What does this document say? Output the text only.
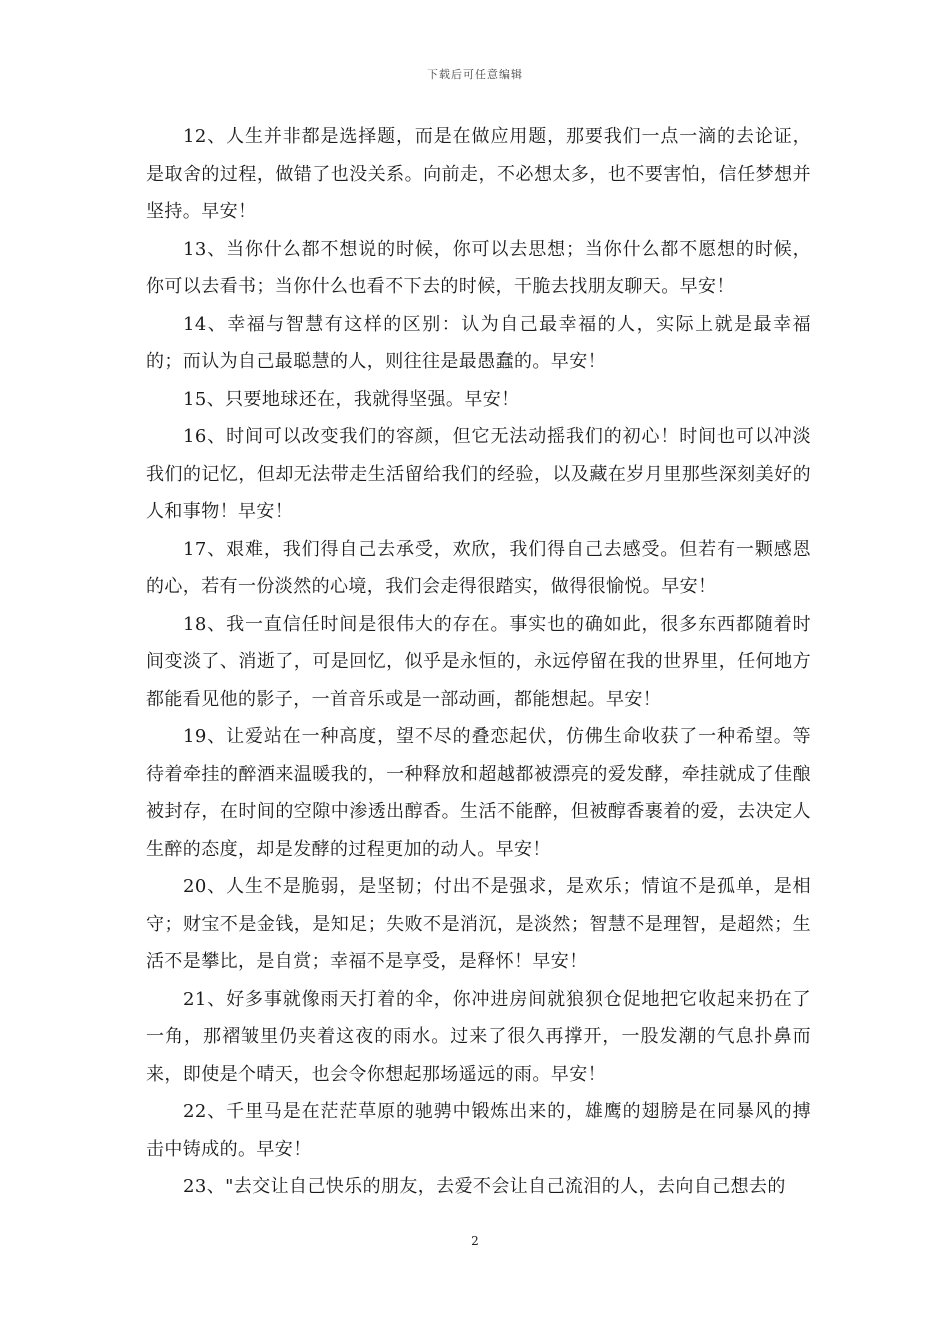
下载后可任意编辑

12、人生并非都是选择题，而是在做应用题，那要我们一点一滴的去论证，是取舍的过程，做错了也没关系。向前走，不必想太多，也不要害怕，信任梦想并坚持。早安！

13、当你什么都不想说的时候，你可以去思想；当你什么都不愿想的时候，你可以去看书；当你什么也看不下去的时候，干脆去找朋友聊天。早安！

14、幸福与智慧有这样的区别：认为自己最幸福的人，实际上就是最幸福的；而认为自己最聪慧的人，则往往是最愚蠢的。早安！

15、只要地球还在，我就得坚强。早安！

16、时间可以改变我们的容颜，但它无法动摇我们的初心！时间也可以冲淡我们的记忆，但却无法带走生活留给我们的经验，以及藏在岁月里那些深刻美好的人和事物！早安！

17、艰难，我们得自己去承受，欢欣，我们得自己去感受。但若有一颗感恩的心，若有一份淡然的心境，我们会走得很踏实，做得很愉悦。早安！

18、我一直信任时间是很伟大的存在。事实也的确如此，很多东西都随着时间变淡了、消逝了，可是回忆，似乎是永恒的，永远停留在我的世界里，任何地方都能看见他的影子，一首音乐或是一部动画，都能想起。早安！

19、让爱站在一种高度，望不尽的叠恋起伏，仿佛生命收获了一种希望。等待着牵挂的醉酒来温暖我的，一种释放和超越都被漂亮的爱发酵，牵挂就成了佳酿被封存，在时间的空隙中渗透出醇香。生活不能醉，但被醇香裹着的爱，去决定人生醉的态度，却是发酵的过程更加的动人。早安！

20、人生不是脆弱，是坚韧；付出不是强求，是欢乐；情谊不是孤单，是相守；财宝不是金钱，是知足；失败不是消沉，是淡然；智慧不是理智，是超然；生活不是攀比，是自赏；幸福不是享受，是释怀！早安！

21、好多事就像雨天打着的伞，你冲进房间就狼狈仓促地把它收起来扔在了一角，那褶皱里仍夹着这夜的雨水。过来了很久再撑开，一股发潮的气息扑鼻而来，即使是个晴天，也会令你想起那场遥远的雨。早安！

22、千里马是在茫茫草原的驰骋中锻炼出来的，雄鹰的翅膀是在同暴风的搏击中铸成的。早安！

23、"去交让自己快乐的朋友，去爱不会让自己流泪的人，去向自己想去的

2
